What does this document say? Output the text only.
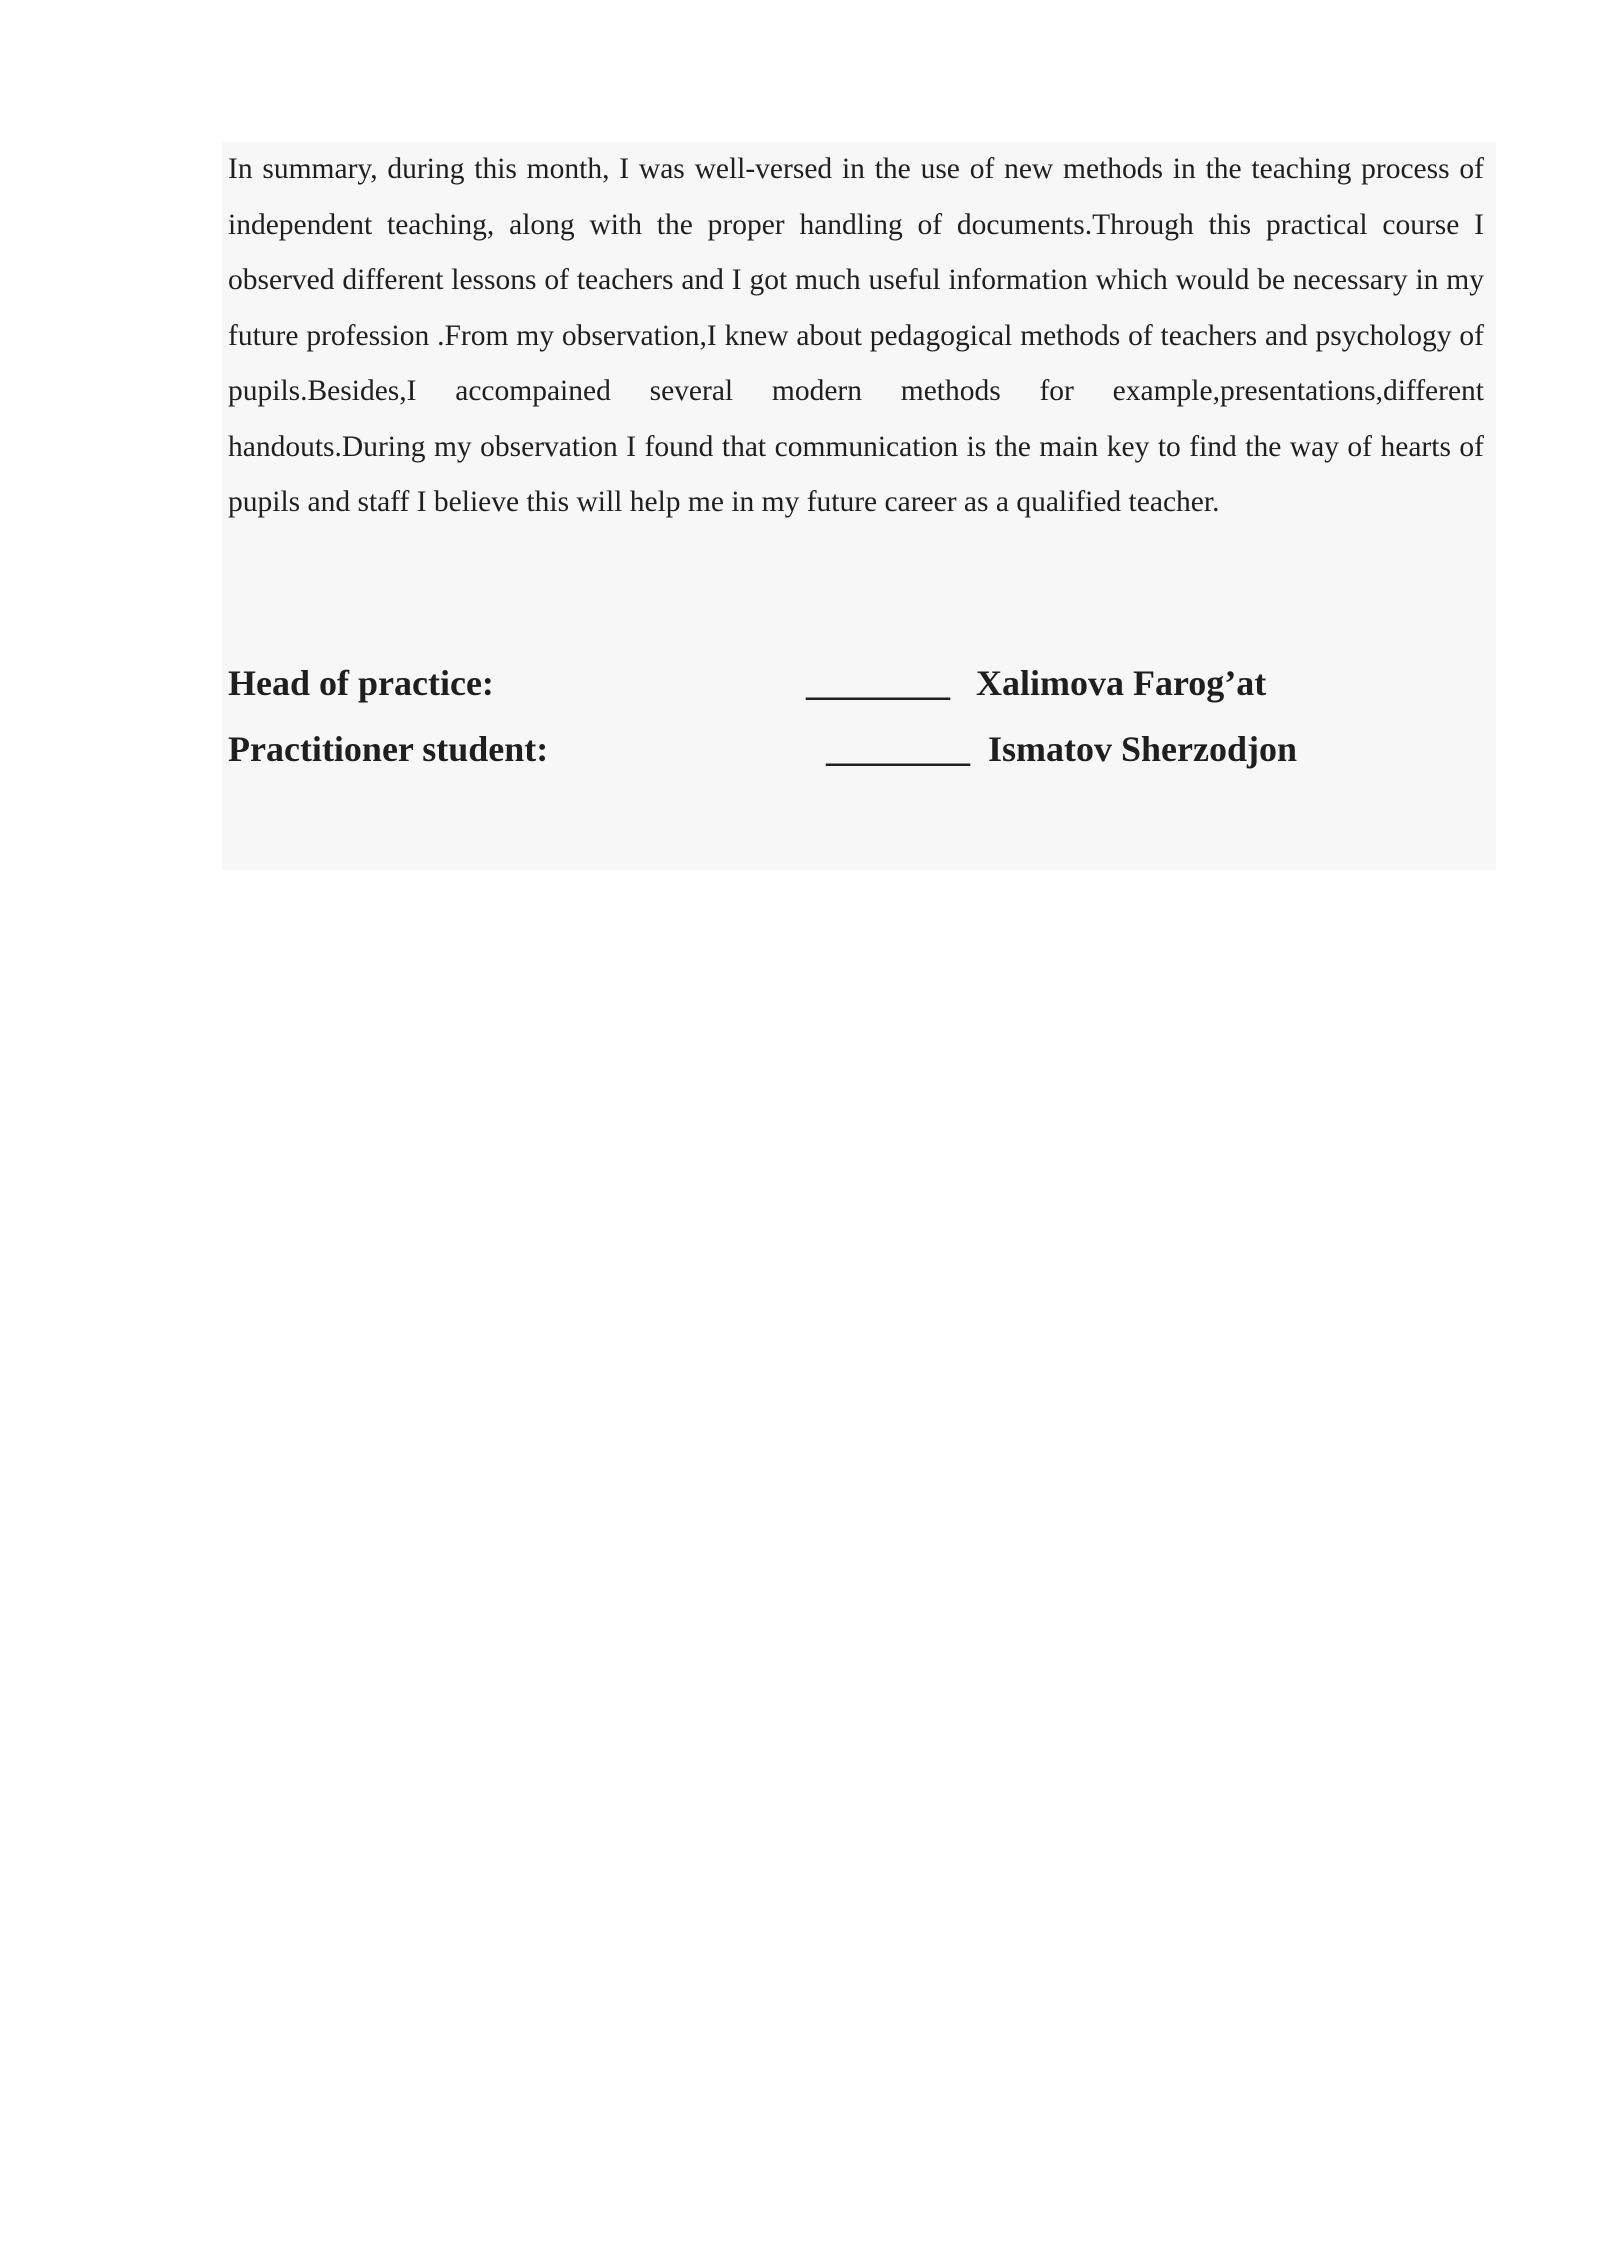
In summary, during this month, I was well-versed in the use of new methods in the teaching process of independent teaching, along with the proper handling of documents.Through this practical course I observed different lessons of teachers and I got much useful information which would be necessary in my future profession .From my observation,I knew about pedagogical methods of teachers and psychology of pupils.Besides,I accompained several modern methods for example,presentations,different handouts.During my observation I found that communication is the main key to find the way of hearts of pupils and staff I believe this will help me in my future career as a qualified teacher.

Head of practice:	________ Xalimova Farog’at
Practitioner student:	________ Ismatov Sherzodjon
